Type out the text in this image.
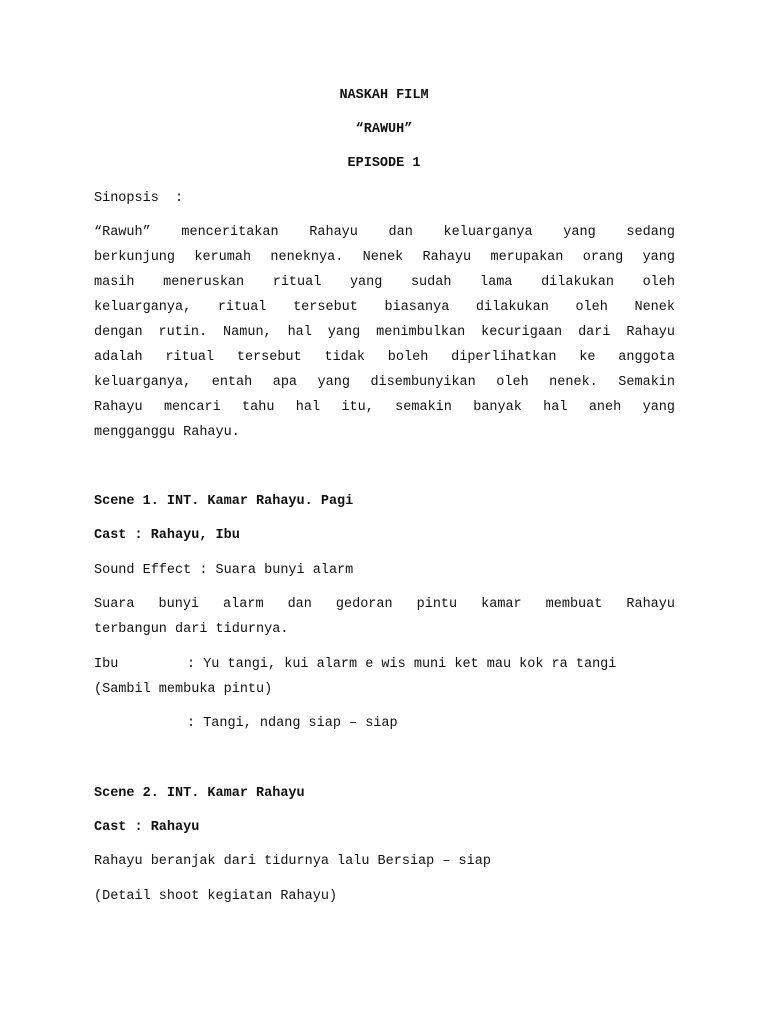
NASKAH FILM
“RAWUH”
EPISODE 1
Sinopsis  :
“Rawuh” menceritakan Rahayu dan keluarganya yang sedang
berkunjung kerumah neneknya. Nenek Rahayu merupakan orang yang
masih meneruskan ritual yang sudah lama dilakukan oleh
keluarganya, ritual tersebut biasanya dilakukan oleh Nenek
dengan rutin. Namun, hal yang menimbulkan kecurigaan dari Rahayu
adalah ritual tersebut tidak boleh diperlihatkan ke anggota
keluarganya, entah apa yang disembunyikan oleh nenek. Semakin
Rahayu mencari tahu hal itu, semakin banyak hal aneh yang
mengganggu Rahayu.
Scene 1. INT. Kamar Rahayu. Pagi
Cast : Rahayu, Ibu
Sound Effect : Suara bunyi alarm
Suara bunyi alarm dan gedoran pintu kamar membuat Rahayu
terbangun dari tidurnya.
Ibu	: Yu tangi, kui alarm e wis muni ket mau kok ra tangi
(Sambil membuka pintu)
: Tangi, ndang siap – siap
Scene 2. INT. Kamar Rahayu
Cast : Rahayu
Rahayu beranjak dari tidurnya lalu Bersiap – siap
(Detail shoot kegiatan Rahayu)
